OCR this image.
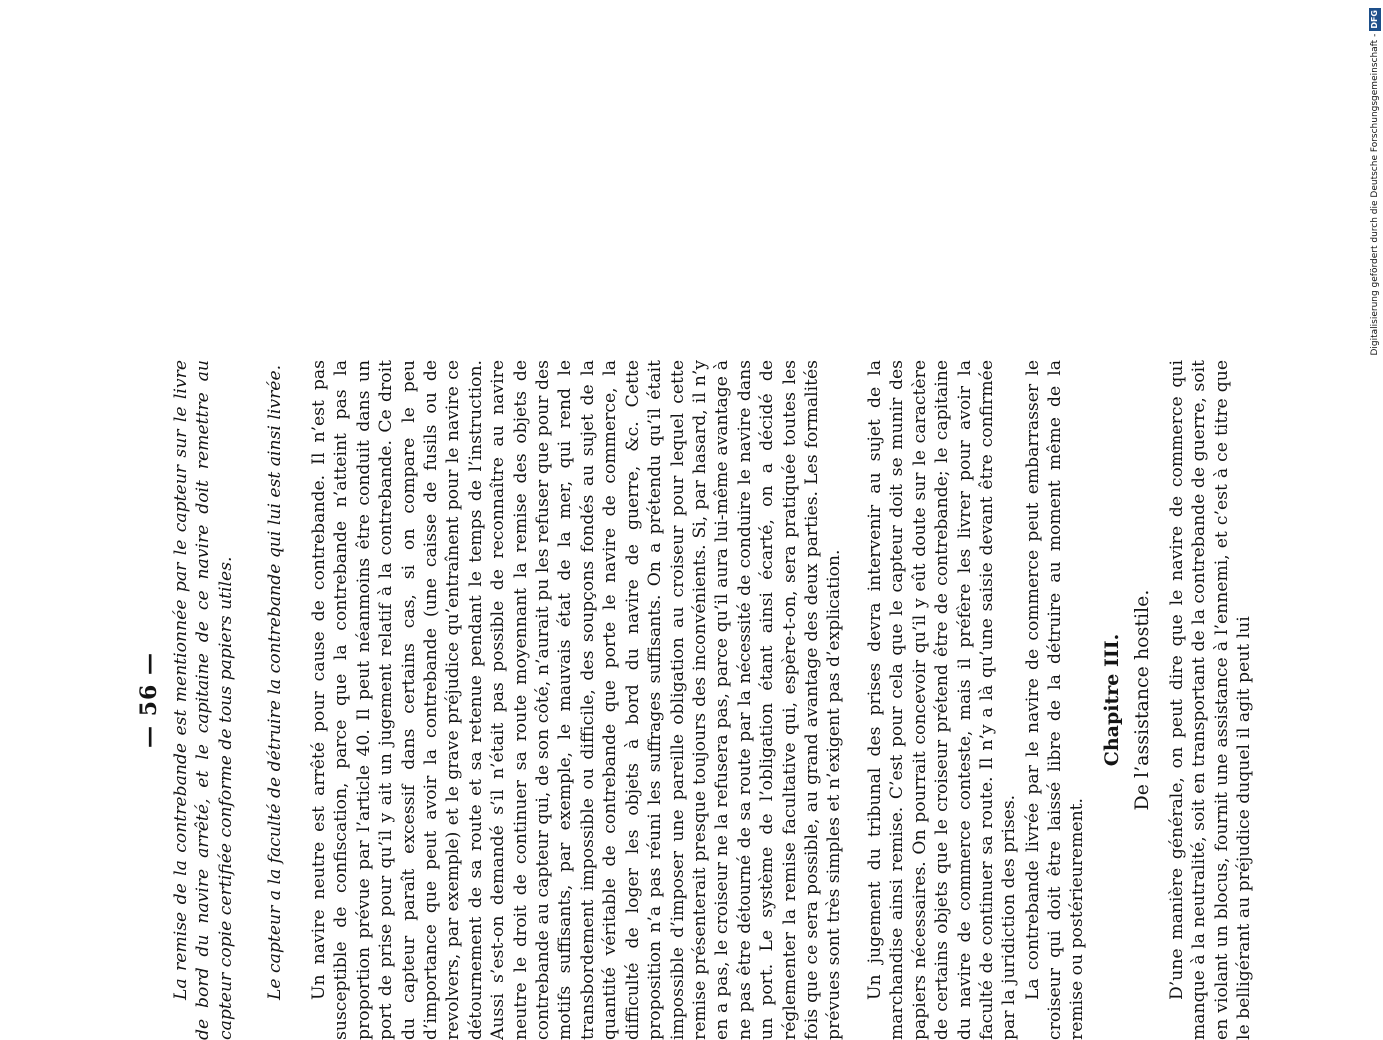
— 56 — La remise de la contrebande est mentionnée par le capteur sur le livre de bord du navire arrêté, et le capitaine de ce navire doit remettre au capteur copie certifiée conforme de tous papiers utiles. Le capteur a la faculté de détruire la contrebande qui lui est ainsi livrée. Un navire neutre est arrêté pour cause de contrebande. Il n’est pas susceptible de confiscation, parce que la contrebande n’atteint pas la proportion prévue par l’article 40. Il peut néanmoins être conduit dans un port de prise pour qu’il y ait un jugement relatif à la contrebande. Ce droit du capteur paraît excessif dans certains cas, si on compare le peu d’importance que peut avoir la contrebande (une caisse de fusils ou de revolvers, par exemple) et le grave préjudice qu’entraînent pour le navire ce détournement de sa route et sa retenue pendant le temps de l’instruction. Aussi s’est-on demandé s’il n’était pas possible de reconnaître au navire neutre le droit de continuer sa route moyennant la remise des objets de contrebande au capteur qui, de son côté, n’aurait pu les refuser que pour des motifs suffisants, par exemple, le mauvais état de la mer, qui rend le transbordement impossible ou difficile, des soupçons fondés au sujet de la quantité véritable de contrebande que porte le navire de commerce, la difficulté de loger les objets à bord du navire de guerre, &c. Cette proposition n’a pas réuni les suffrages suffisants. On a prétendu qu’il était impossible d’imposer une pareille obligation au croiseur pour lequel cette remise présenterait presque toujours des inconvénients. Si, par hasard, il n’y en a pas, le croiseur ne la refusera pas, parce qu’il aura lui-même avantage à ne pas être détourné de sa route par la nécessité de conduire le navire dans un port. Le système de l’obligation étant ainsi écarté, on a décidé de réglementer la remise facultative qui, espère-t-on, sera pratiquée toutes les fois que ce sera possible, au grand avantage des deux parties. Les formalités prévues sont très simples et n’exigent pas d’explication. Un jugement du tribunal des prises devra intervenir au sujet de la marchandise ainsi remise. C’est pour cela que le capteur doit se munir des papiers nécessaires. On pourrait concevoir qu’il y eût doute sur le caractère de certains objets que le croiseur prétend être de contrebande; le capitaine du navire de commerce conteste, mais il préfère les livrer pour avoir la faculté de continuer sa route. Il n’y a là qu’une saisie devant être confirmée par la juridiction des prises. La contrebande livrée par le navire de commerce peut embarrasser le croiseur qui doit être laissé libre de la détruire au moment même de la remise ou postérieurement.
Chapitre III. De l’assistance hostile. D’une manière générale, on peut dire que le navire de commerce qui manque à la neutralité, soit en transportant de la contrebande de guerre, soit en violant un blocus, fournit une assistance à l’ennemi, et c’est à ce titre que le belligérant au préjudice duquel il agit peut lui
Digitalisierung gefördert durch die Deutsche Forschungsgemeinschaft -
DFG
